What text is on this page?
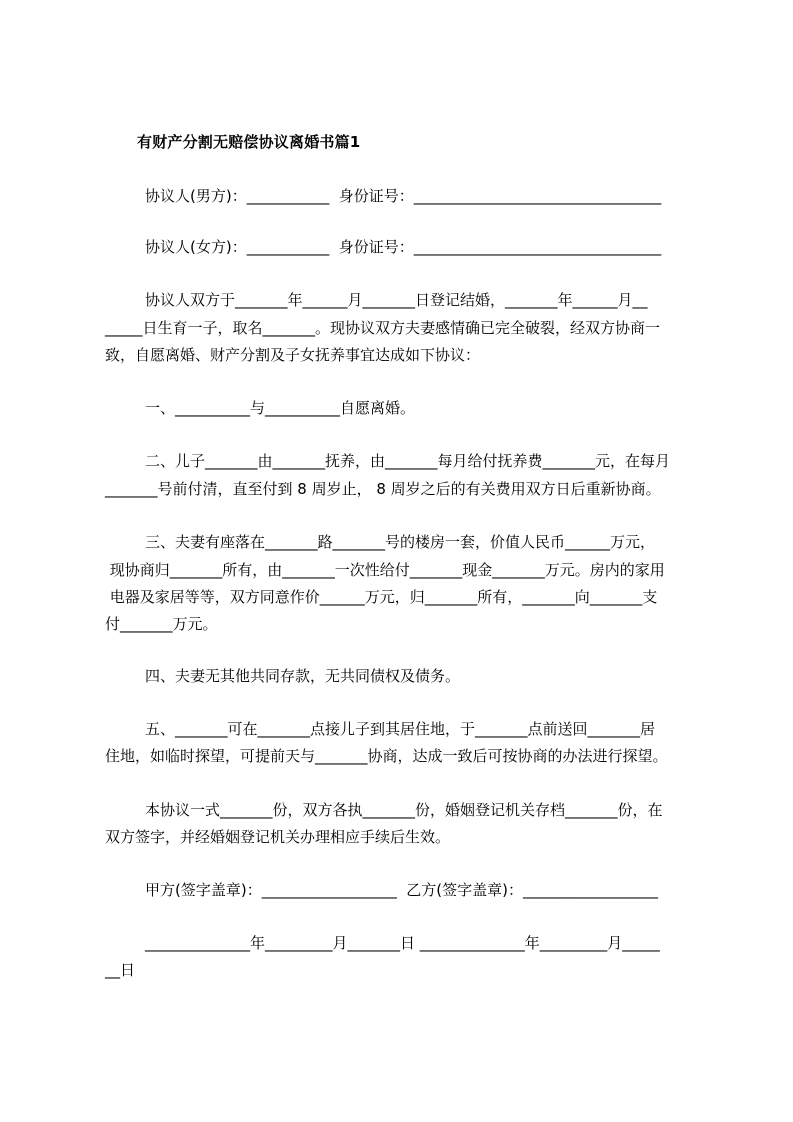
有财产分割无赔偿协议离婚书篇1
协议人(男方)：___________  身份证号：_________________________________
协议人(女方)：___________  身份证号：_________________________________
协议人双方于_______年______月_______日登记结婚，_______年______月__
_____日生育一子，取名_______。现协议双方夫妻感情确已完全破裂，经双方协商一
致，自愿离婚、财产分割及子女抚养事宜达成如下协议：
一、__________与__________自愿离婚。
二、儿子_______由_______抚养，由_______每月给付抚养费_______元，在每月
_______号前付清，直至付到 8 周岁止， 8 周岁之后的有关费用双方日后重新协商。
三、夫妻有座落在_______路_______号的楼房一套，价值人民币______万元，
现协商归_______所有，由_______一次性给付_______现金_______万元。房内的家用
电器及家居等等，双方同意作价______万元，归_______所有，_______向_______支
付_______万元。
四、夫妻无其他共同存款，无共同债权及债务。
五、_______可在_______点接儿子到其居住地，于_______点前送回_______居
住地，如临时探望，可提前天与_______协商，达成一致后可按协商的办法进行探望。
本协议一式_______份，双方各执_______份，婚姻登记机关存档_______份，在
双方签字，并经婚姻登记机关办理相应手续后生效。
甲方(签字盖章)：__________________  乙方(签字盖章)：__________________
______________年_________月_______日 ______________年_________月_____
__日
